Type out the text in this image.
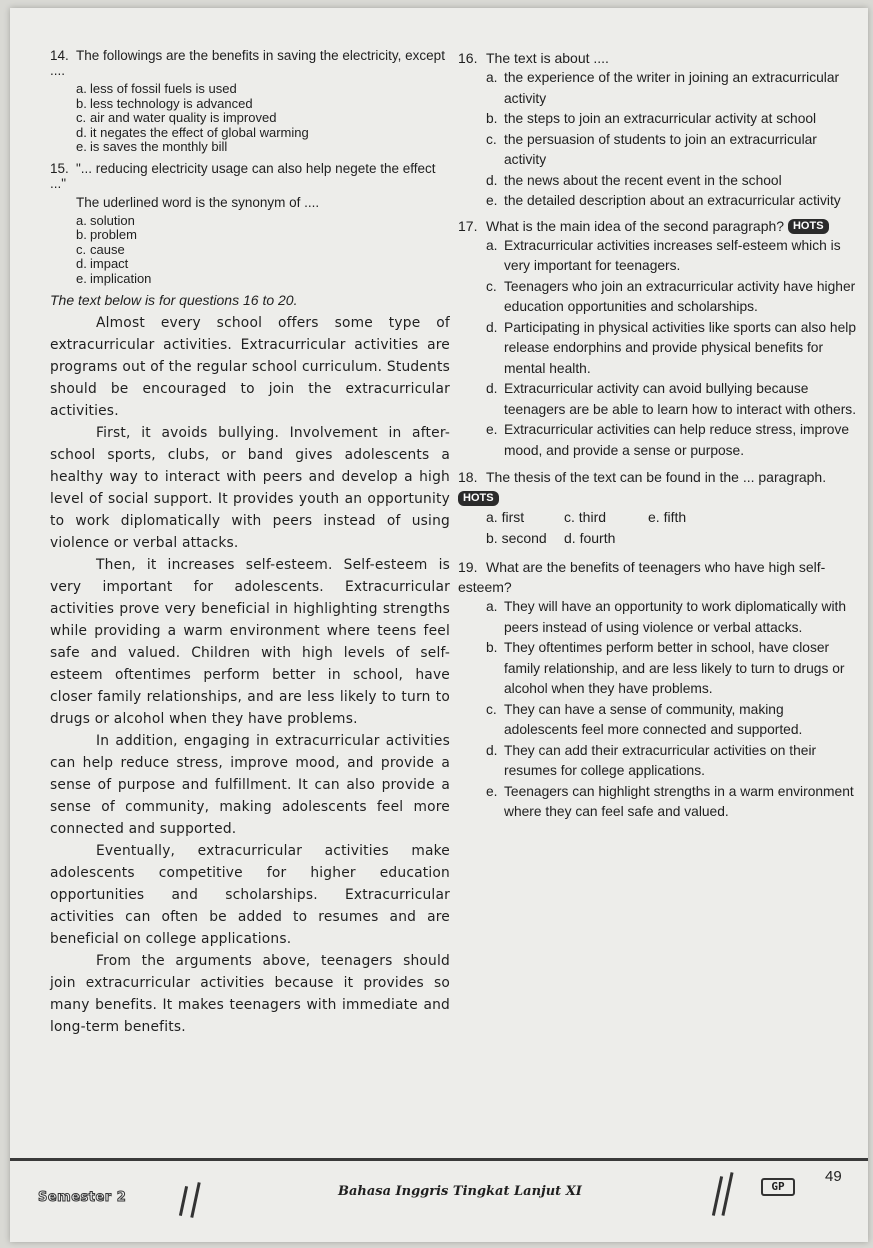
14. The followings are the benefits in saving the electricity, except ....
a. less of fossil fuels is used
b. less technology is advanced
c. air and water quality is improved
d. it negates the effect of global warming
e. is saves the monthly bill
15. "... reducing electricity usage can also help negete the effect ..."
The uderlined word is the synonym of ....
a. solution
b. problem
c. cause
d. impact
e. implication
The text below is for questions 16 to 20.

Almost every school offers some type of extracurricular activities. Extracurricular activities are programs out of the regular school curriculum. Students should be encouraged to join the extracurricular activities.

First, it avoids bullying. Involvement in after-school sports, clubs, or band gives adolescents a healthy way to interact with peers and develop a high level of social support. It provides youth an opportunity to work diplomatically with peers instead of using violence or verbal attacks.

Then, it increases self-esteem. Self-esteem is very important for adolescents. Extracurricular activities prove very beneficial in highlighting strengths while providing a warm environment where teens feel safe and valued. Children with high levels of self-esteem oftentimes perform better in school, have closer family relationships, and are less likely to turn to drugs or alcohol when they have problems.

In addition, engaging in extracurricular activities can help reduce stress, improve mood, and provide a sense of purpose and fulfillment. It can also provide a sense of community, making adolescents feel more connected and supported.

Eventually, extracurricular activities make adolescents competitive for higher education opportunities and scholarships. Extracurricular activities can often be added to resumes and are beneficial on college applications.

From the arguments above, teenagers should join extracurricular activities because it provides so many benefits. It makes teenagers with immediate and long-term benefits.

16. The text is about ....
a. the experience of the writer in joining an extracurricular activity
b. the steps to join an extracurricular activity at school
c. the persuasion of students to join an extracurricular activity
d. the news about the recent event in the school
e. the detailed description about an extracurricular activity
17. What is the main idea of the second paragraph? HOTS
a. Extracurricular activities increases self-esteem which is very important for teenagers.
c. Teenagers who join an extracurricular activity have higher education opportunities and scholarships.
d. Participating in physical activities like sports can also help release endorphins and provide physical benefits for mental health.
d. Extracurricular activity can avoid bullying because teenagers are be able to learn how to interact with others.
e. Extracurricular activities can help reduce stress, improve mood, and provide a sense or purpose.
18. The thesis of the text can be found in the ... paragraph. HOTS
a. first	c. third	e. fifth
b. second d. fourth
19. What are the benefits of teenagers who have high self-esteem?
a. They will have an opportunity to work diplomatically with peers instead of using violence or verbal attacks.
b. They oftentimes perform better in school, have closer family relationship, and are less likely to turn to drugs or alcohol when they have problems.
c. They can have a sense of community, making adolescents feel more connected and supported.
d. They can add their extracurricular activities on their resumes for college applications.
e. Teenagers can highlight strengths in a warm environment where they can feel safe and valued.
Semester 2	Bahasa Inggris Tingkat Lanjut XI	GP
49
